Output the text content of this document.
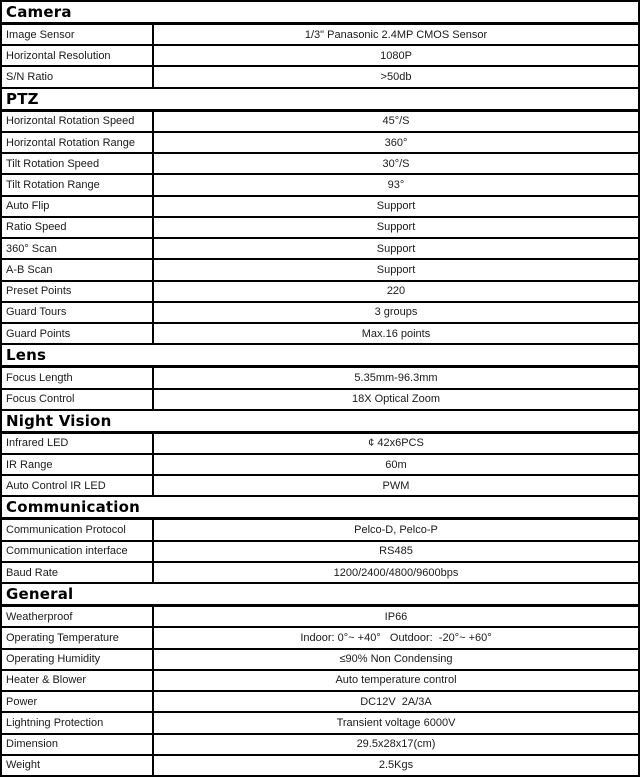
Camera
Image Sensor	1/3" Panasonic 2.4MP CMOS Sensor
Horizontal Resolution	1080P
S/N Ratio	>50db
PTZ
Horizontal Rotation Speed	45°/S
Horizontal Rotation Range	360°
Tilt Rotation Speed	30°/S
Tilt Rotation Range	93°
Auto Flip	Support
Ratio Speed	Support
360° Scan	Support
A-B Scan	Support
Preset Points	220
Guard Tours	3 groups
Guard Points	Max.16 points
Lens
Focus Length	5.35mm-96.3mm
Focus Control	18X Optical Zoom
Night Vision
Infrared LED	¢ 42x6PCS
IR Range	60m
Auto Control IR LED	PWM
Communication
Communication Protocol	Pelco-D, Pelco-P
Communication interface	RS485
Baud Rate	1200/2400/4800/9600bps
General
Weatherproof	IP66
Operating Temperature	Indoor: 0°~ +40°   Outdoor:  -20°~ +60°
Operating Humidity	≤90% Non Condensing
Heater & Blower	Auto temperature control
Power	DC12V  2A/3A
Lightning Protection	Transient voltage 6000V
Dimension	29.5x28x17(cm)
Weight	2.5Kgs
